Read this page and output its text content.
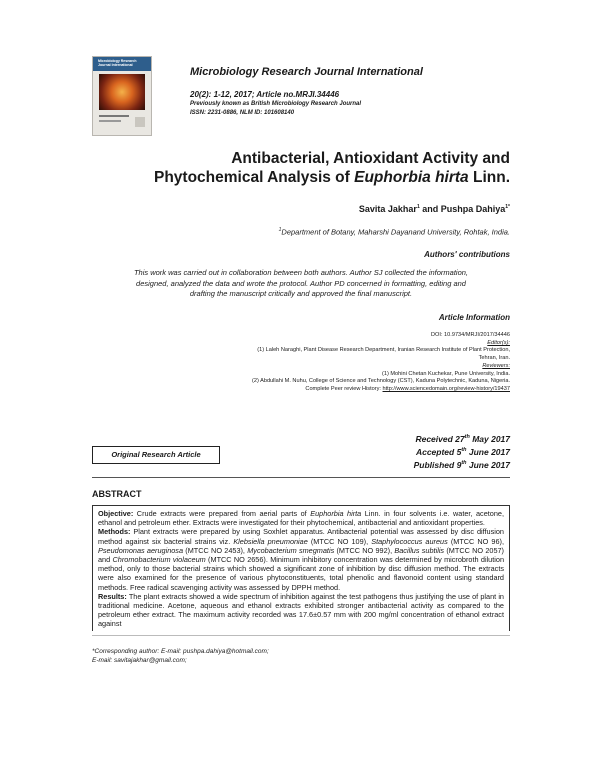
Microbiology Research Journal International
Microbiology Research Journal International
20(2): 1-12, 2017; Article no.MRJI.34446
Previously known as British Microbiology Research Journal
ISSN: 2231-0886, NLM ID: 101608140
Antibacterial, Antioxidant Activity and
Phytochemical Analysis of Euphorbia hirta Linn.
Savita Jakhar$^1$ and Pushpa Dahiya$^{1*}$
$^1$Department of Botany, Maharshi Dayanand University, Rohtak, India.
Authors' contributions
This work was carried out in collaboration between both authors. Author SJ collected the information,
designed, analyzed the data and wrote the protocol. Author PD concerned in formatting, editing and
drafting the manuscript critically and approved the final manuscript.
Article Information
DOI: 10.9734/MRJI/2017/34446
Editor(s):
(1) Laleh Naraghi, Plant Disease Research Department, Iranian Research Institute of Plant Protection,
Tehran, Iran.
Reviewers:
(1) Mohini Chetan Kuchekar, Pune University, India.
(2) Abdullahi M. Nuhu, College of Science and Technology (CST), Kaduna Polytechnic, Kaduna, Nigeria.
Complete Peer review History: http://www.sciencedomain.org/review-history/19437
Original Research Article
Received 27th May 2017
Accepted 5th June 2017
Published 9th June 2017
ABSTRACT

Objective: Crude extracts were prepared from aerial parts of Euphorbia hirta Linn. in four solvents i.e. water, acetone, ethanol and petroleum ether. Extracts were investigated for their phytochemical, antibacterial and antioxidant properties.

Methods: Plant extracts were prepared by using Soxhlet apparatus. Antibacterial potential was assessed by disc diffusion method against six bacterial strains viz. Klebsiella pneumoniae (MTCC NO 109), Staphylococcus aureus (MTCC NO 96), Pseudomonas aeruginosa (MTCC NO 2453), Mycobacterium smegmatis (MTCC NO 992), Bacillus subtilis (MTCC NO 2057) and Chromobacterium violaceum (MTCC NO 2656). Minimum inhibitory concentration was determined by microbroth dilution method, only to those bacterial strains which showed a significant zone of inhibition by disc diffusion method. The extracts were also examined for the presence of various phytoconstituents, total phenolic and flavonoid content using standard methods. Free radical scavenging activity was assessed by DPPH method.

Results: The plant extracts showed a wide spectrum of inhibition against the test pathogens thus justifying the use of plant in traditional medicine. Acetone, aqueous and ethanol extracts exhibited stronger antibacterial activity as compared to the petroleum ether extract. The maximum activity recorded was 17.6±0.57 mm with 200 mg/ml concentration of ethanol extract against

*Corresponding author: E-mail: pushpa.dahiya@hotmail.com;
E-mail: savitajakhar@gmail.com;
